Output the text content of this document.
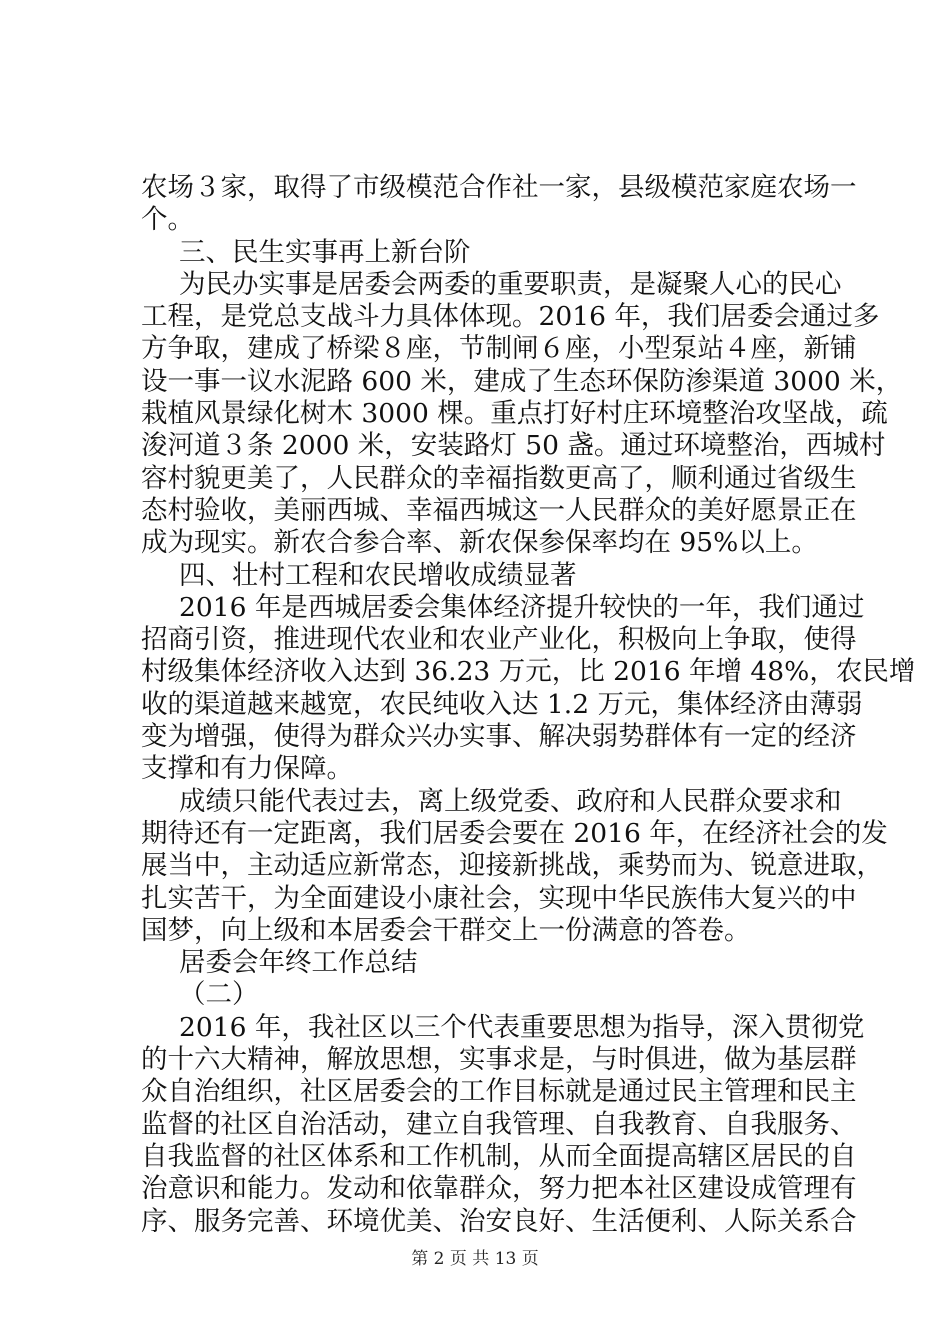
农场３家，取得了市级模范合作社一家，县级模范家庭农场一
个。
三、民生实事再上新台阶
为民办实事是居委会两委的重要职责，是凝聚人心的民心
工程，是党总支战斗力具体体现。2016 年，我们居委会通过多
方争取，建成了桥梁８座，节制闸６座，小型泵站４座，新铺
设一事一议水泥路 600 米，建成了生态环保防渗渠道 3000 米，
栽植风景绿化树木 3000 棵。重点打好村庄环境整治攻坚战，疏
浚河道３条 2000 米，安装路灯 50 盏。通过环境整治，西城村
容村貌更美了，人民群众的幸福指数更高了，顺利通过省级生
态村验收，美丽西城、幸福西城这一人民群众的美好愿景正在
成为现实。新农合参合率、新农保参保率均在 95%以上。
四、壮村工程和农民增收成绩显著
2016 年是西城居委会集体经济提升较快的一年，我们通过
招商引资，推进现代农业和农业产业化，积极向上争取，使得
村级集体经济收入达到 36.23 万元，比 2016 年增 48%，农民增
收的渠道越来越宽，农民纯收入达 1.2 万元，集体经济由薄弱
变为增强，使得为群众兴办实事、解决弱势群体有一定的经济
支撑和有力保障。
成绩只能代表过去，离上级党委、政府和人民群众要求和
期待还有一定距离，我们居委会要在 2016 年，在经济社会的发
展当中，主动适应新常态，迎接新挑战，乘势而为、锐意进取，
扎实苦干，为全面建设小康社会，实现中华民族伟大复兴的中
国梦，向上级和本居委会干群交上一份满意的答卷。
居委会年终工作总结
（二）
2016 年，我社区以三个代表重要思想为指导，深入贯彻党
的十六大精神，解放思想，实事求是，与时俱进，做为基层群
众自治组织，社区居委会的工作目标就是通过民主管理和民主
监督的社区自治活动，建立自我管理、自我教育、自我服务、
自我监督的社区体系和工作机制，从而全面提高辖区居民的自
治意识和能力。发动和依靠群众，努力把本社区建设成管理有
序、服务完善、环境优美、治安良好、生活便利、人际关系合
第 2 页 共 13 页
